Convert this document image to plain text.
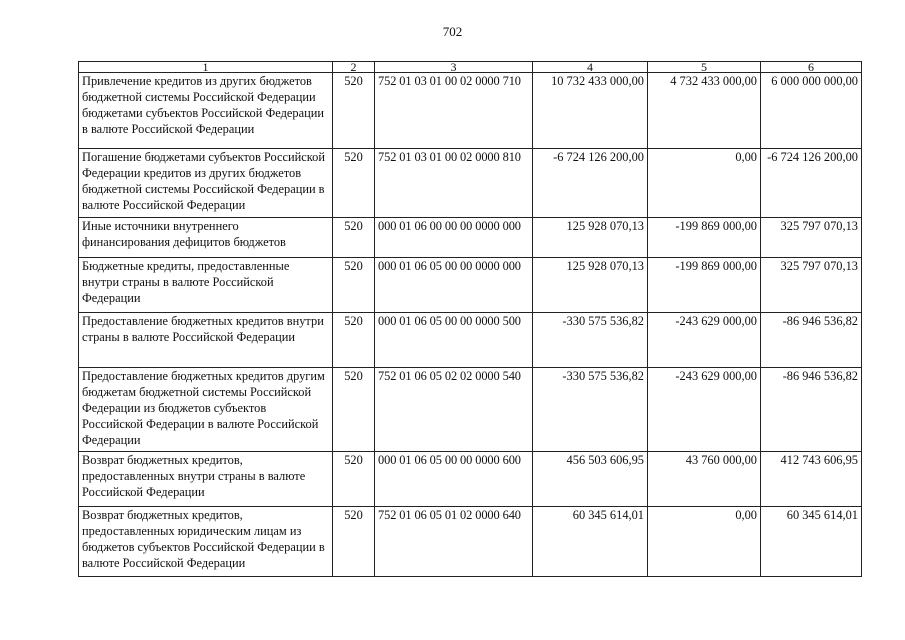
702
1	2	3	4	5	6
Привлечение кредитов из других бюджетов бюджетной системы Российской Федерации бюджетами субъектов Российской Федерации в валюте Российской Федерации	520	752 01 03 01 00 02 0000 710	10 732 433 000,00	4 732 433 000,00	6 000 000 000,00
Погашение бюджетами субъектов Российской Федерации кредитов из других бюджетов бюджетной системы Российской Федерации в валюте Российской Федерации	520	752 01 03 01 00 02 0000 810	-6 724 126 200,00	0,00	-6 724 126 200,00
Иные источники внутреннего финансирования дефицитов бюджетов	520	000 01 06 00 00 00 0000 000	125 928 070,13	-199 869 000,00	325 797 070,13
Бюджетные кредиты, предоставленные внутри страны в валюте Российской Федерации	520	000 01 06 05 00 00 0000 000	125 928 070,13	-199 869 000,00	325 797 070,13
Предоставление бюджетных кредитов внутри страны в валюте Российской Федерации	520	000 01 06 05 00 00 0000 500	-330 575 536,82	-243 629 000,00	-86 946 536,82
Предоставление бюджетных кредитов другим бюджетам бюджетной системы Российской Федерации из бюджетов субъектов Российской Федерации в валюте Российской Федерации	520	752 01 06 05 02 02 0000 540	-330 575 536,82	-243 629 000,00	-86 946 536,82
Возврат бюджетных кредитов, предоставленных внутри страны в валюте Российской Федерации	520	000 01 06 05 00 00 0000 600	456 503 606,95	43 760 000,00	412 743 606,95
Возврат бюджетных кредитов, предоставленных юридическим лицам из бюджетов субъектов Российской Федерации в валюте Российской Федерации	520	752 01 06 05 01 02 0000 640	60 345 614,01	0,00	60 345 614,01
